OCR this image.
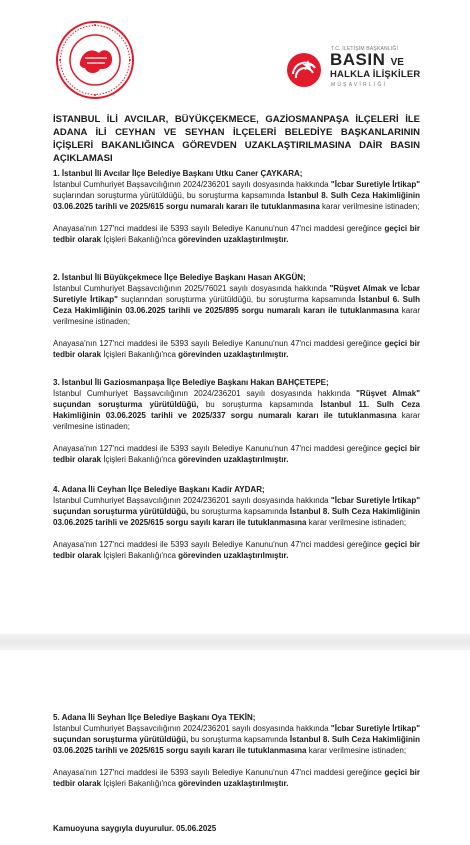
T.C. İLETİŞİM BAŞKANLIĞI
BASIN VE
HALKLA İLİŞKİLER
MÜŞAVİRLİĞİ

İSTANBUL İLİ AVCILAR, BÜYÜKÇEKMECE, GAZİOSMANPAŞA İLÇELERİ İLE ADANA İLİ CEYHAN VE SEYHAN İLÇELERİ BELEDİYE BAŞKANLARININ İÇİŞLERİ BAKANLIĞINCA GÖREVDEN UZAKLAŞTIRILMASINA DAİR BASIN AÇIKLAMASI

1. İstanbul İli Avcılar İlçe Belediye Başkanı Utku Caner ÇAYKARA;

İstanbul Cumhuriyet Başsavcılığının 2024/236201 sayılı dosyasında hakkında "İcbar Suretiyle İrtikap" suçlarından soruşturma yürütüldüğü, bu soruşturma kapsamında İstanbul 8. Sulh Ceza Hakimliğinin 03.06.2025 tarihli ve 2025/615 sorgu numaralı kararı ile tutuklanmasına karar verilmesine istinaden;

Anayasa'nın 127'nci maddesi ile 5393 sayılı Belediye Kanunu'nun 47'nci maddesi gereğince geçici bir tedbir olarak İçişleri Bakanlığı'nca görevinden uzaklaştırılmıştır.

2. İstanbul İli Büyükçekmece İlçe Belediye Başkanı Hasan AKGÜN;

İstanbul Cumhuriyet Başsavcılığının 2025/76021 sayılı dosyasında hakkında "Rüşvet Almak ve İcbar Suretiyle İrtikap" suçlarından soruşturma yürütüldüğü, bu soruşturma kapsamında İstanbul 6. Sulh Ceza Hakimliğinin 03.06.2025 tarihli ve 2025/895 sorgu numaralı kararı ile tutuklanmasına karar verilmesine istinaden;

Anayasa'nın 127'nci maddesi ile 5393 sayılı Belediye Kanunu'nun 47'nci maddesi gereğince geçici bir tedbir olarak İçişleri Bakanlığı'nca görevinden uzaklaştırılmıştır.

3. İstanbul İli Gaziosmanpaşa İlçe Belediye Başkanı Hakan BAHÇETEPE;

İstanbul Cumhuriyet Başsavcılığının 2024/236201 sayılı dosyasında hakkında "Rüşvet Almak" suçundan soruşturma yürütüldüğü, bu soruşturma kapsamında İstanbul 11. Sulh Ceza Hakimliğinin 03.06.2025 tarihli ve 2025/337 sorgu numaralı kararı ile tutuklanmasına karar verilmesine istinaden;

Anayasa'nın 127'nci maddesi ile 5393 sayılı Belediye Kanunu'nun 47'nci maddesi gereğince geçici bir tedbir olarak İçişleri Bakanlığı'nca görevinden uzaklaştırılmıştır.

4. Adana İli Ceyhan İlçe Belediye Başkanı Kadir AYDAR;

İstanbul Cumhuriyet Başsavcılığının 2024/236201 sayılı dosyasında hakkında "İcbar Suretiyle İrtikap" suçundan soruşturma yürütüldüğü, bu soruşturma kapsamında İstanbul 8. Sulh Ceza Hakimliğinin 03.06.2025 tarihli ve 2025/615 sorgu sayılı kararı ile tutuklanmasına karar verilmesine istinaden;

Anayasa'nın 127'nci maddesi ile 5393 sayılı Belediye Kanunu'nun 47'nci maddesi gereğince geçici bir tedbir olarak İçişleri Bakanlığı'nca görevinden uzaklaştırılmıştır.

5. Adana İli Seyhan İlçe Belediye Başkanı Oya TEKİN;

İstanbul Cumhuriyet Başsavcılığının 2024/236201 sayılı dosyasında hakkında "İcbar Suretiyle İrtikap" suçundan soruşturma yürütüldüğü, bu soruşturma kapsamında İstanbul 8. Sulh Ceza Hakimliğinin 03.06.2025 tarihli ve 2025/615 sorgu sayılı kararı ile tutuklanmasına karar verilmesine istinaden;

Anayasa'nın 127'nci maddesi ile 5393 sayılı Belediye Kanunu'nun 47'nci maddesi gereğince geçici bir tedbir olarak İçişleri Bakanlığı'nca görevinden uzaklaştırılmıştır.

Kamuoyuna saygıyla duyurulur. 05.06.2025
